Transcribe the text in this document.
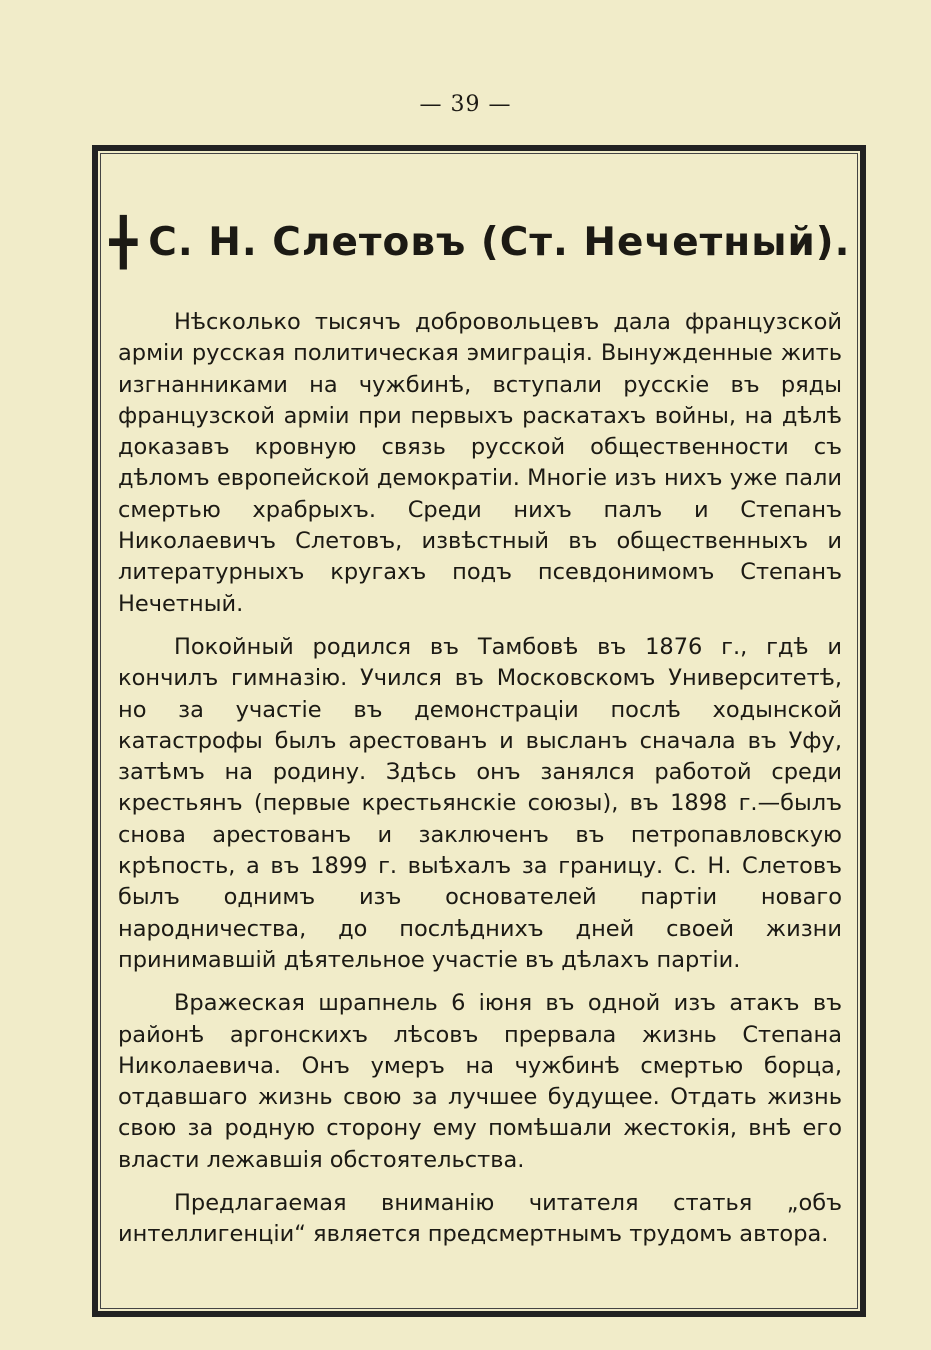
— 39 —
╋ С. Н. Слетовъ (Ст. Нечетный).

Нѣсколько тысячъ добровольцевъ дала французской арміи русская политическая эмиграція. Вынужденные жить изгнанниками на чужбинѣ, вступали русскіе въ ряды французской арміи при первыхъ раскатахъ войны, на дѣлѣ доказавъ кровную связь русской общественности съ дѣломъ европейской демократіи. Многіе изъ нихъ уже пали смертью храбрыхъ. Среди нихъ палъ и Степанъ Николаевичъ Слетовъ, извѣстный въ общественныхъ и литературныхъ кругахъ подъ псевдонимомъ Степанъ Нечетный.

Покойный родился въ Тамбовѣ въ 1876 г., гдѣ и кончилъ гимназію. Учился въ Московскомъ Университетѣ, но за участіе въ демонстраціи послѣ ходынской катастрофы былъ арестованъ и высланъ сначала въ Уфу, затѣмъ на родину. Здѣсь онъ занялся работой среди крестьянъ (первые крестьянскіе союзы), въ 1898 г.—былъ снова арестованъ и заключенъ въ петропавловскую крѣпость, а въ 1899 г. выѣхалъ за границу. С. Н. Слетовъ былъ однимъ изъ основателей партіи новаго народничества, до послѣднихъ дней своей жизни принимавшій дѣятельное участіе въ дѣлахъ партіи.

Вражеская шрапнель 6 іюня въ одной изъ атакъ въ районѣ аргонскихъ лѣсовъ прервала жизнь Степана Николаевича. Онъ умеръ на чужбинѣ смертью борца, отдавшаго жизнь свою за лучшее будущее. Отдать жизнь свою за родную сторону ему помѣшали жестокія, внѣ его власти лежавшія обстоятельства.

Предлагаемая вниманію читателя статья „объ интеллигенціи“ является предсмертнымъ трудомъ автора.
